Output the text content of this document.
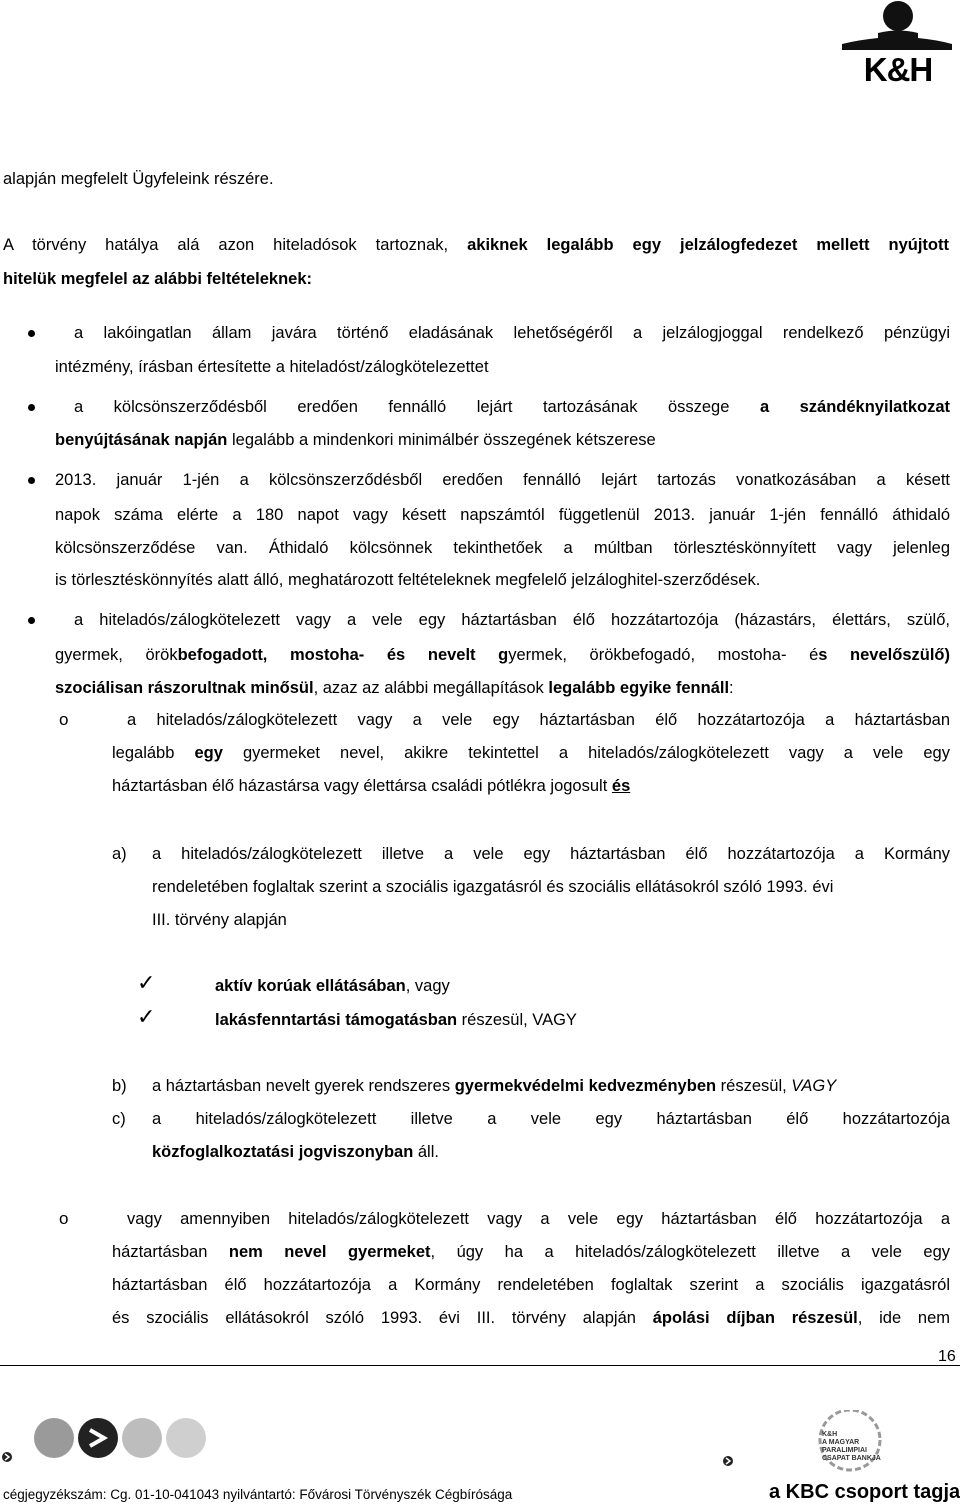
K&H
alapján megfelelt Ügyfeleink részére.
A törvény hatálya alá azon hiteladósok tartoznak, akiknek legalább egy jelzálogfedezet mellett nyújtott
hitelük megfelel az alábbi feltételeknek:
a lakóingatlan állam javára történő eladásának lehetőségéről a jelzálogjoggal rendelkező pénzügyi
intézmény, írásban értesítette a hiteladóst/zálogkötelezettet
a kölcsönszerződésből eredően fennálló lejárt tartozásának összege a szándéknyilatkozat
benyújtásának napján legalább a mindenkori minimálbér összegének kétszerese
2013. január 1-jén a kölcsönszerződésből eredően fennálló lejárt tartozás vonatkozásában a késett
napok száma elérte a 180 napot vagy késett napszámtól függetlenül 2013. január 1-jén fennálló áthidaló
kölcsönszerződése van. Áthidaló kölcsönnek tekinthetőek a múltban törlesztéskönnyített vagy jelenleg
is törlesztéskönnyítés alatt álló, meghatározott feltételeknek megfelelő jelzáloghitel-szerződések.
a hiteladós/zálogkötelezett vagy a vele egy háztartásban élő hozzátartozója (házastárs, élettárs, szülő,
gyermek, örökbefogadott, mostoha- és nevelt gyermek, örökbefogadó, mostoha- és nevelőszülő)
szociálisan rászorultnak minősül, azaz az alábbi megállapítások legalább egyike fennáll:
o	a hiteladós/zálogkötelezett vagy a vele egy háztartásban élő hozzátartozója a háztartásban
legalább egy gyermeket nevel, akikre tekintettel a hiteladós/zálogkötelezett vagy a vele egy
háztartásban élő házastársa vagy élettársa családi pótlékra jogosult és
a) a hiteladós/zálogkötelezett illetve a vele egy háztartásban élő hozzátartozója a Kormány
rendeletében foglaltak szerint a szociális igazgatásról és szociális ellátásokról szóló 1993. évi
III. törvény alapján
✓	aktív korúak ellátásában, vagy
✓	lakásfenntartási támogatásban részesül, VAGY
b) a háztartásban nevelt gyerek rendszeres gyermekvédelmi kedvezményben részesül, VAGY
c) a hiteladós/zálogkötelezett illetve a vele egy háztartásban élő hozzátartozója
közfoglalkoztatási jogviszonyban áll.
o	vagy amennyiben hiteladós/zálogkötelezett vagy a vele egy háztartásban élő hozzátartozója a
háztartásban nem nevel gyermeket, úgy ha a hiteladós/zálogkötelezett illetve a vele egy
háztartásban élő hozzátartozója a Kormány rendeletében foglaltak szerint a szociális igazgatásról
és szociális ellátásokról szóló 1993. évi III. törvény alapján ápolási díjban részesül, ide nem
16
K&H
A MAGYAR
PARALIMPIAI
CSAPAT BANKJA
a KBC csoport tagja
cégjegyzékszám: Cg. 01-10-041043 nyilvántartó: Fővárosi Törvényszék Cégbírósága
